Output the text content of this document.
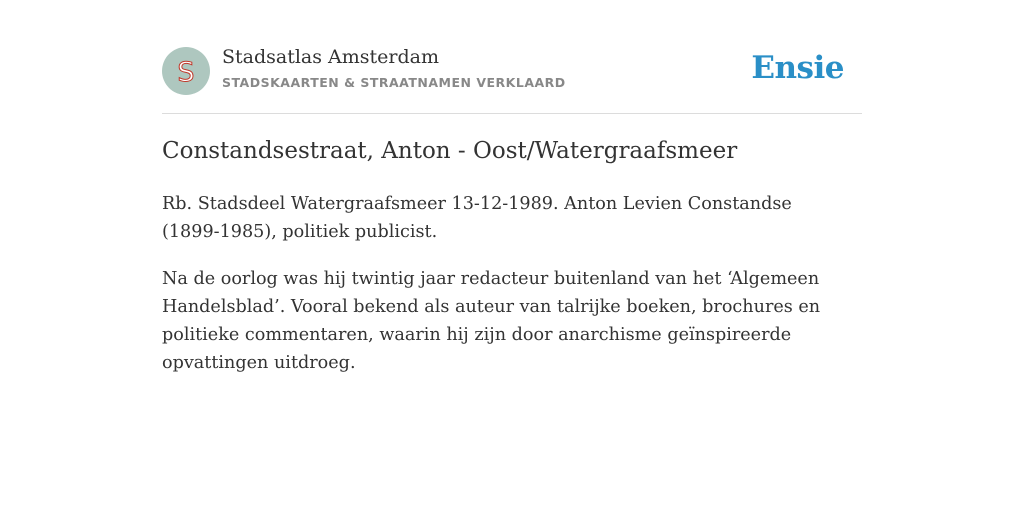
S Stadsatlas Amsterdam
STADSKAARTEN & STRAATNAMEN VERKLAARD	Ensie
Constandsestraat, Anton - Oost/Watergraafsmeer

Rb. Stadsdeel Watergraafsmeer 13-12-1989. Anton Levien Constandse (1899-1985), politiek publicist.

Na de oorlog was hij twintig jaar redacteur buitenland van het ‘Algemeen Handelsblad’. Vooral bekend als auteur van talrijke boeken, brochures en politieke commentaren, waarin hij zijn door anarchisme geïnspireerde opvattingen uitdroeg.
